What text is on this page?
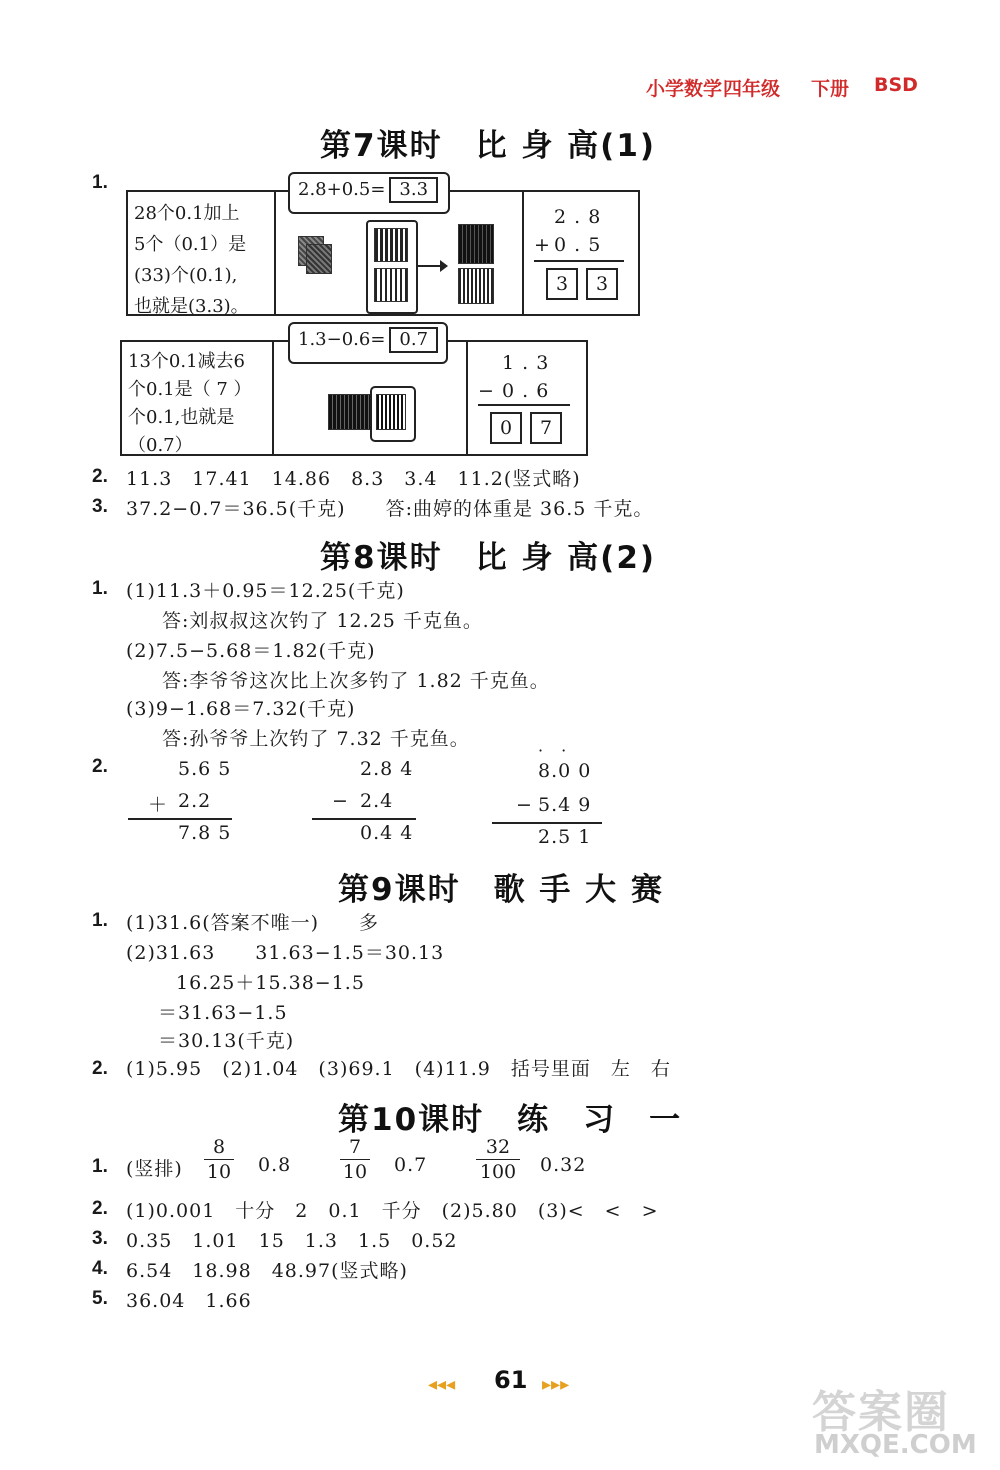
小学数学 四年级 下册 BSD
第7课时　比 身 高(1)
1.
28个0.1加上
5个（0.1）是
(33)个(0.1),
也就是(3.3)。
2 . 8
+ 0 . 5
3	3
2.8+0.5= 3.3
13个0.1减去6
个0.1是（ 7 ）
个0.1,也就是
（0.7）
1 . 3
− 0 . 6
0	7
1.3−0.6= 0.7
2. 11.3　17.41　14.86　8.3　3.4　11.2(竖式略)
3. 37.2−0.7＝36.5(千克)　　答:曲婷的体重是 36.5 千克。
第8课时　比 身 高(2)
1. (1)11.3＋0.95＝12.25(千克)
答:刘叔叔这次钓了 12.25 千克鱼。
(2)7.5−5.68＝1.82(千克)
答:李爷爷这次比上次多钓了 1.82 千克鱼。
(3)9−1.68＝7.32(千克)
答:孙爷爷上次钓了 7.32 千克鱼。
2.	5.6 5
＋ 2.2
7.8 5
2.8 4
− 2.4
0.4 4
·　·
8.0 0
− 5.4 9
2.5 1
第9课时　歌 手 大 赛
1. (1)31.6(答案不唯一)　　多
(2)31.63　　31.63−1.5＝30.13
16.25＋15.38−1.5
＝31.63−1.5
＝30.13(千克)
2. (1)5.95　(2)1.04　(3)69.1　(4)11.9　括号里面　左　右
第10课时　练　习　一
1. (竖排)
8
10 0.8
7
10 0.7
32
100 0.32
2. (1)0.001　十分　2　0.1　千分　(2)5.80　(3)<　<　>
3. 0.35　1.01　15　1.3　1.5　0.52
4. 6.54　18.98　48.97(竖式略)
5. 36.04　1.66
◂◂◂ 61 ▸▸▸
答案圈
MXQE.COM
